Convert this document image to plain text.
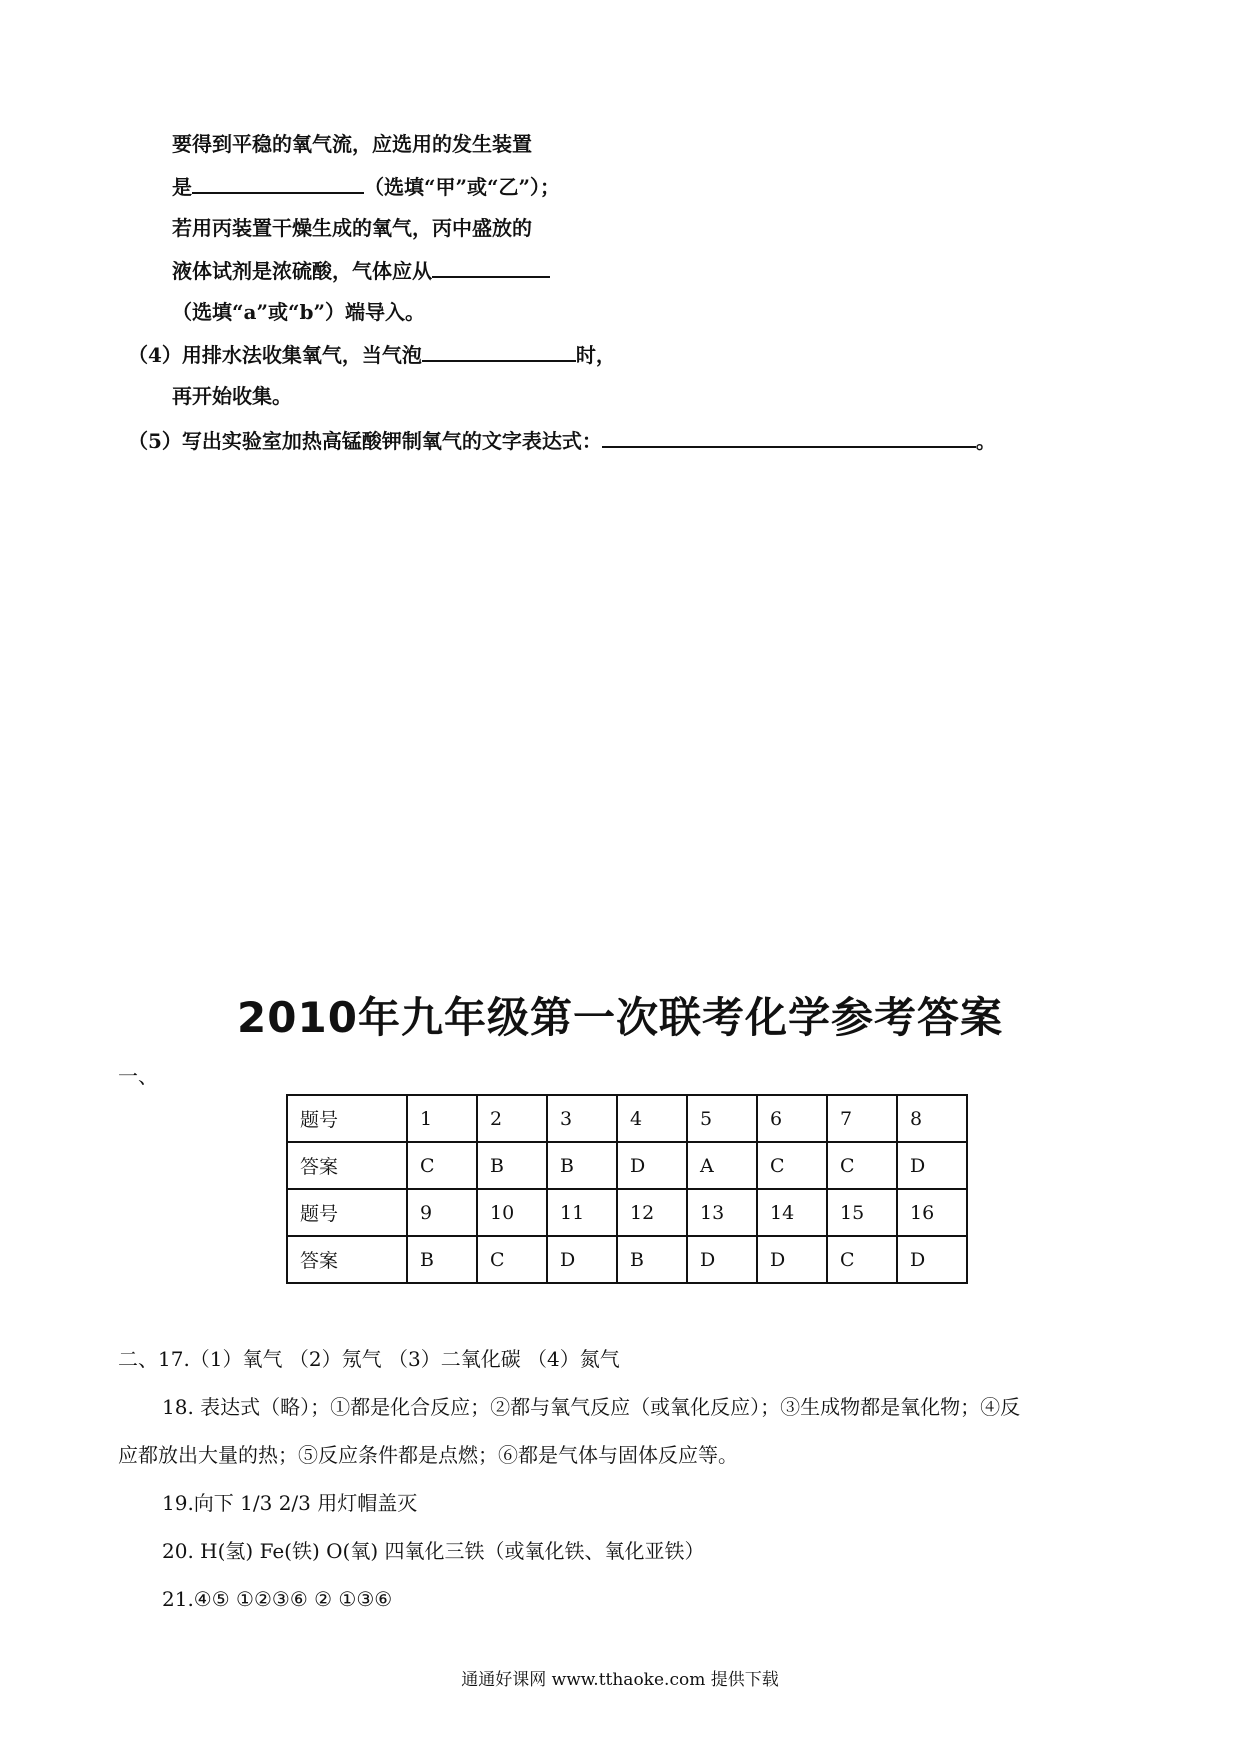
要得到平稳的氧气流，应选用的发生装置
是	（选填“甲”或“乙”）；
若用丙装置干燥生成的氧气，丙中盛放的
液体试剂是浓硫酸，气体应从
（选填“a”或“b”）端导入。
（4）用排水法收集氧气，当气泡	时，
再开始收集。
（5）写出实验室加热高锰酸钾制氧气的文字表达式：	。
2010年九年级第一次联考化学参考答案
一、
题号	1	2	3	4	5	6	7	8
答案	C	B	B	D	A	C	C	D
题号	9	10	11	12	13	14	15	16
答案	B	C	D	B	D	D	C	D
二、17.（1）氧气 （2）氖气 （3）二氧化碳 （4）氮气
18. 表达式（略）；①都是化合反应；②都与氧气反应（或氧化反应）；③生成物都是氧化物；④反
应都放出大量的热；⑤反应条件都是点燃；⑥都是气体与固体反应等。
19.向下 1/3 2/3 用灯帽盖灭
20. H(氢) Fe(铁) O(氧) 四氧化三铁（或氧化铁、氧化亚铁）
21.④⑤ ①②③⑥ ② ①③⑥
通通好课网 www.tthaoke.com 提供下载
